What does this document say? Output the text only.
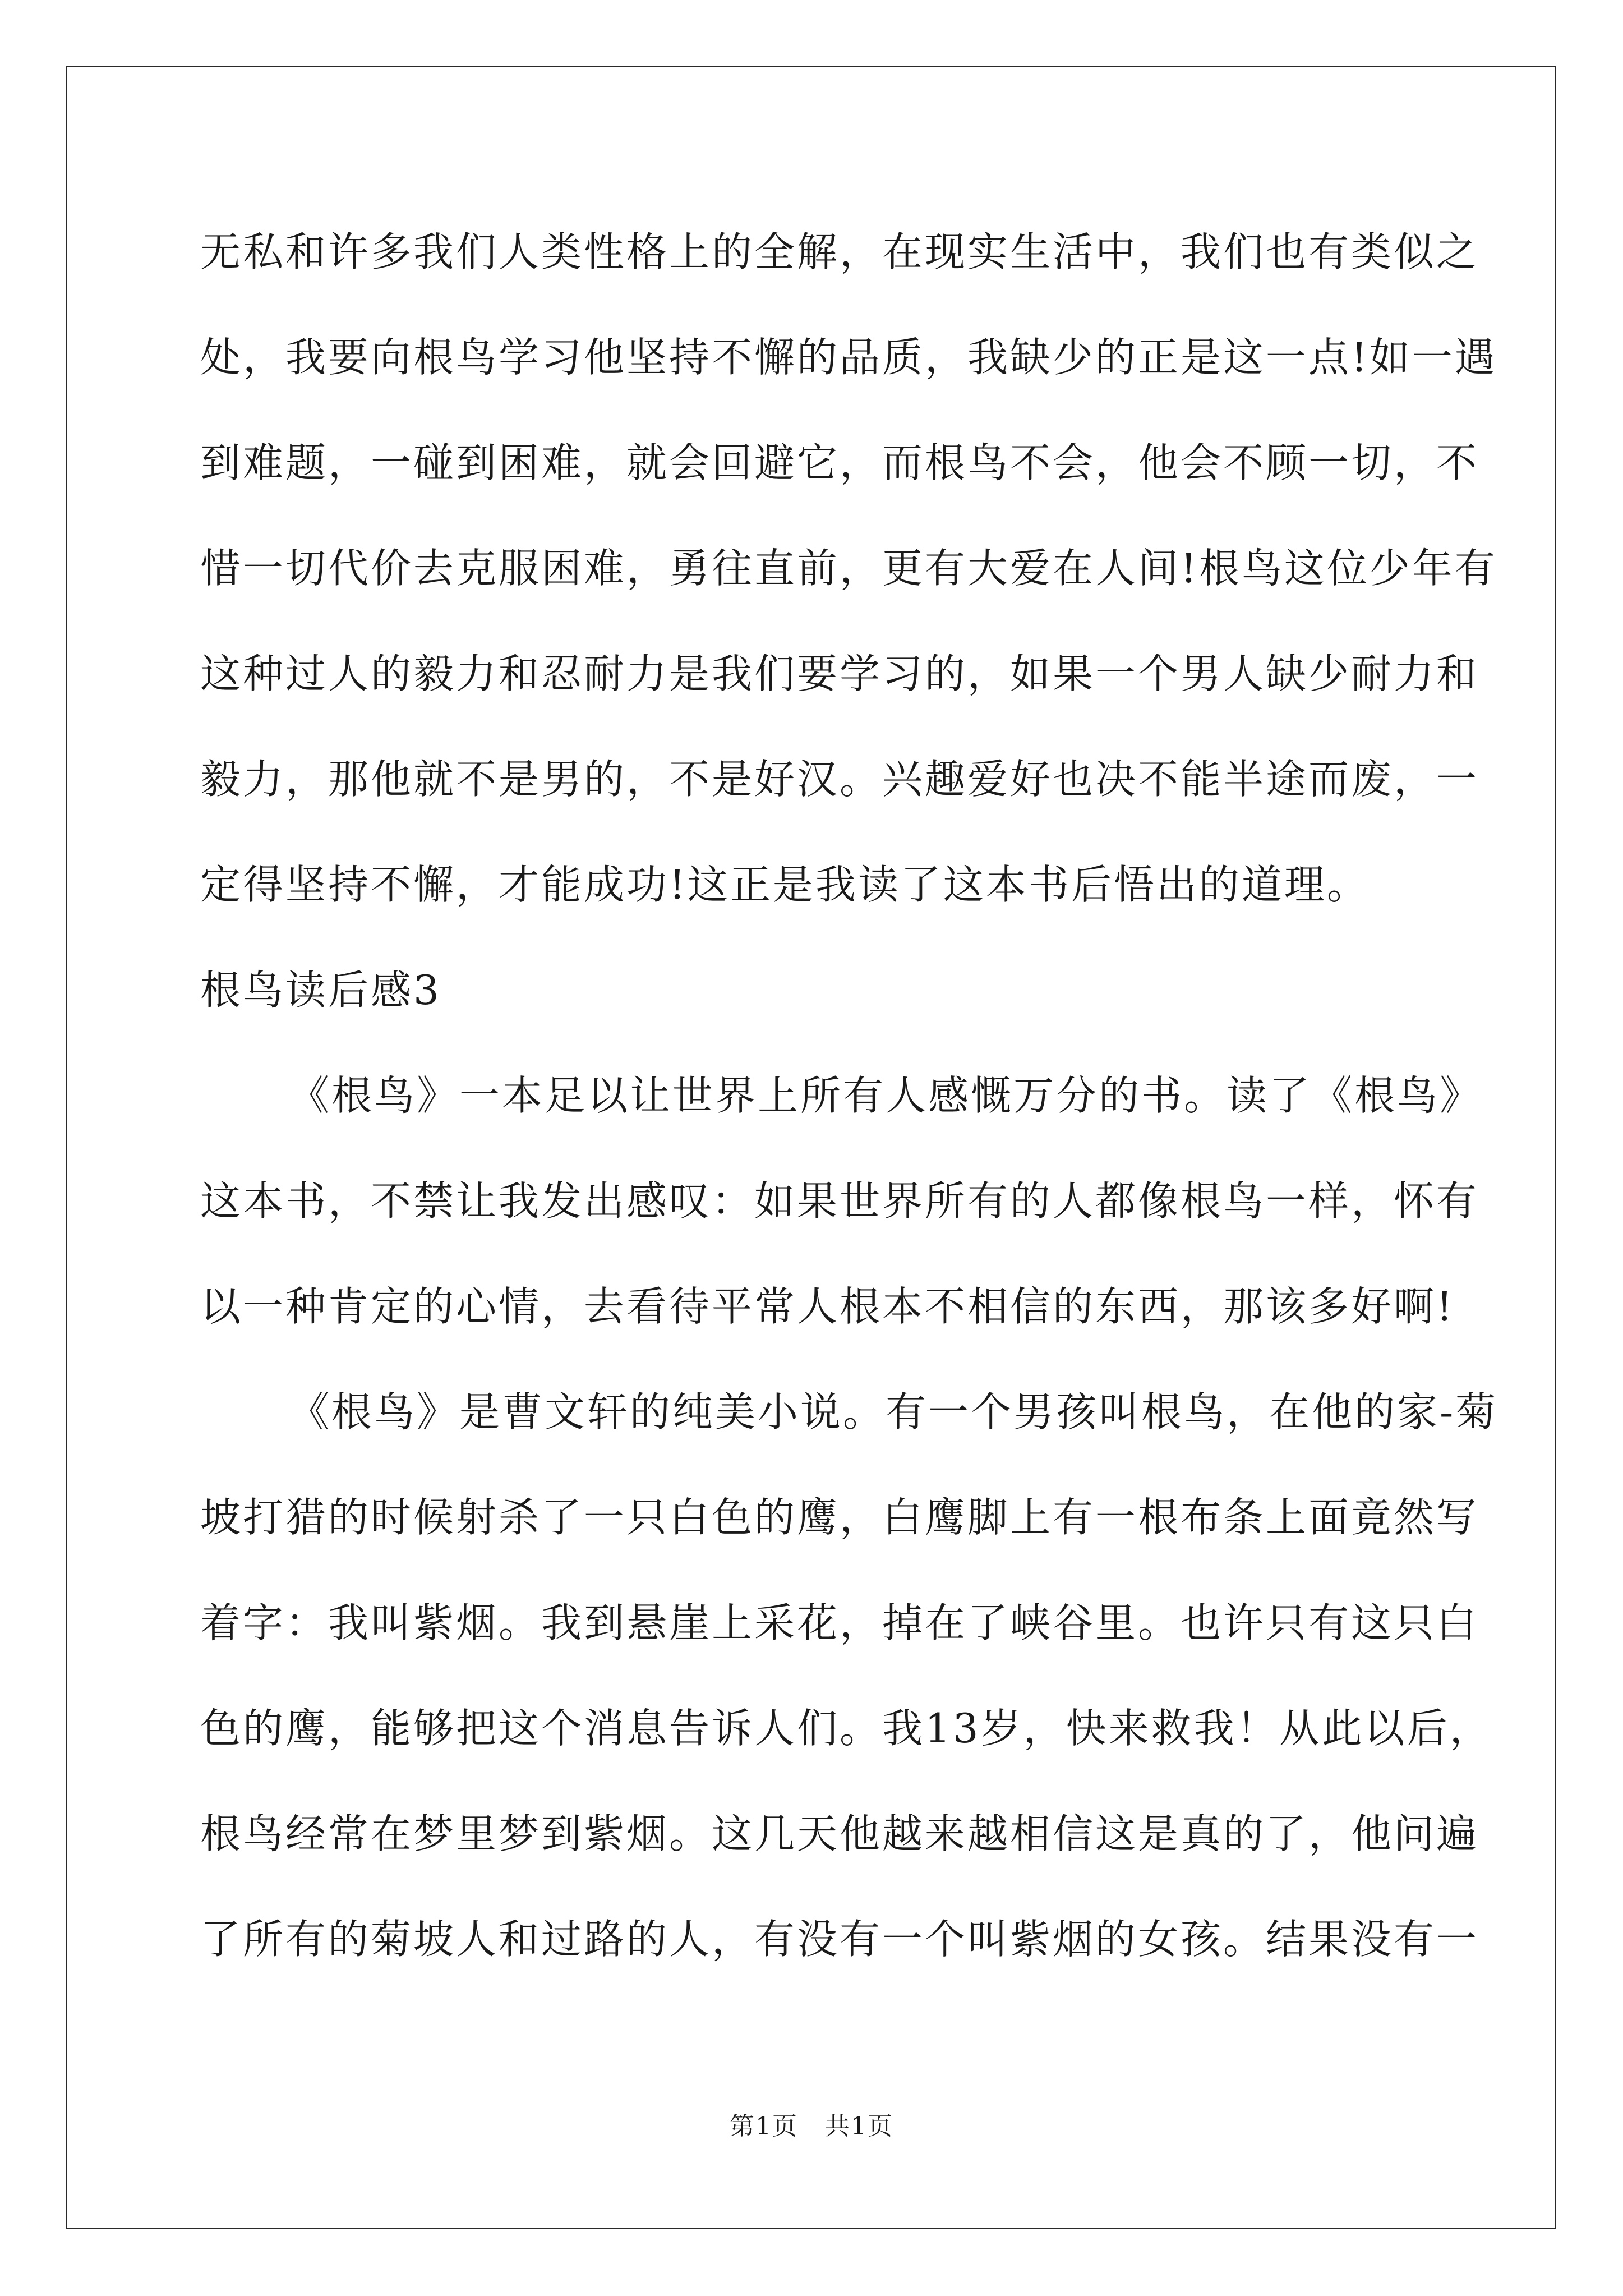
无私和许多我们人类性格上的全解，在现实生活中，我们也有类似之
处，我要向根鸟学习他坚持不懈的品质，我缺少的正是这一点!如一遇
到难题，一碰到困难，就会回避它，而根鸟不会，他会不顾一切，不
惜一切代价去克服困难，勇往直前，更有大爱在人间!根鸟这位少年有
这种过人的毅力和忍耐力是我们要学习的，如果一个男人缺少耐力和
毅力，那他就不是男的，不是好汉。兴趣爱好也决不能半途而废，一
定得坚持不懈，才能成功!这正是我读了这本书后悟出的道理。
根鸟读后感3
《根鸟》一本足以让世界上所有人感慨万分的书。读了《根鸟》
这本书，不禁让我发出感叹：如果世界所有的人都像根鸟一样，怀有
以一种肯定的心情，去看待平常人根本不相信的东西，那该多好啊!
《根鸟》是曹文轩的纯美小说。有一个男孩叫根鸟，在他的家-菊
坡打猎的时候射杀了一只白色的鹰，白鹰脚上有一根布条上面竟然写
着字：我叫紫烟。我到悬崖上采花，掉在了峡谷里。也许只有这只白
色的鹰，能够把这个消息告诉人们。我13岁，快来救我！从此以后，
根鸟经常在梦里梦到紫烟。这几天他越来越相信这是真的了，他问遍
了所有的菊坡人和过路的人，有没有一个叫紫烟的女孩。结果没有一
第1页   共1页
